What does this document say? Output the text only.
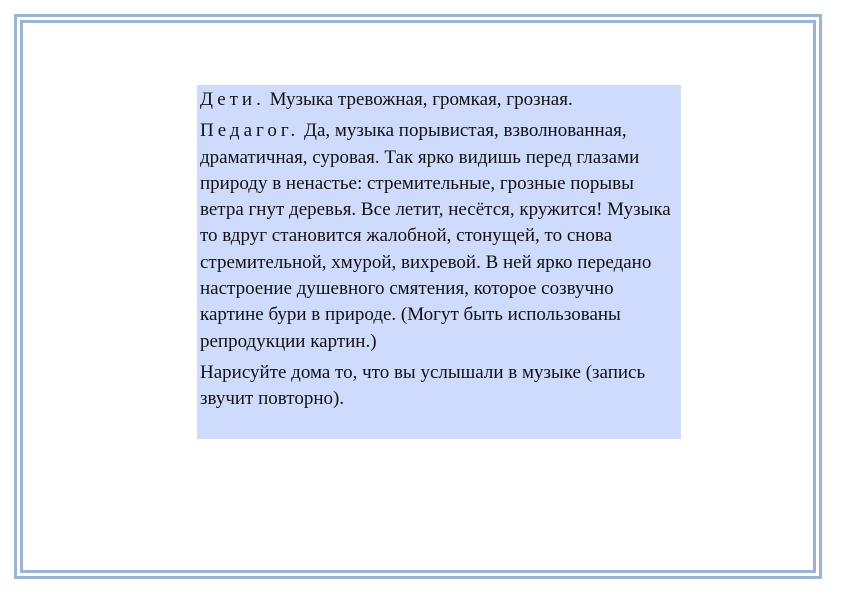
Дети. Музыка тревожная, громкая, грозная.

Педагог. Да, музыка порывистая, взволнованная, драматичная, суровая. Так ярко видишь перед глазами природу в ненастье: стремительные, грозные порывы ветра гнут деревья. Все летит, несётся, кружится! Музыка то вдруг становится жалобной, стонущей, то снова стремительной, хмурой, вихревой. В ней ярко передано настроение душевного смятения, которое созвучно картине бури в природе. (Могут быть использованы репродукции картин.)

Нарисуйте дома то, что вы услышали в музыке (запись звучит повторно).
